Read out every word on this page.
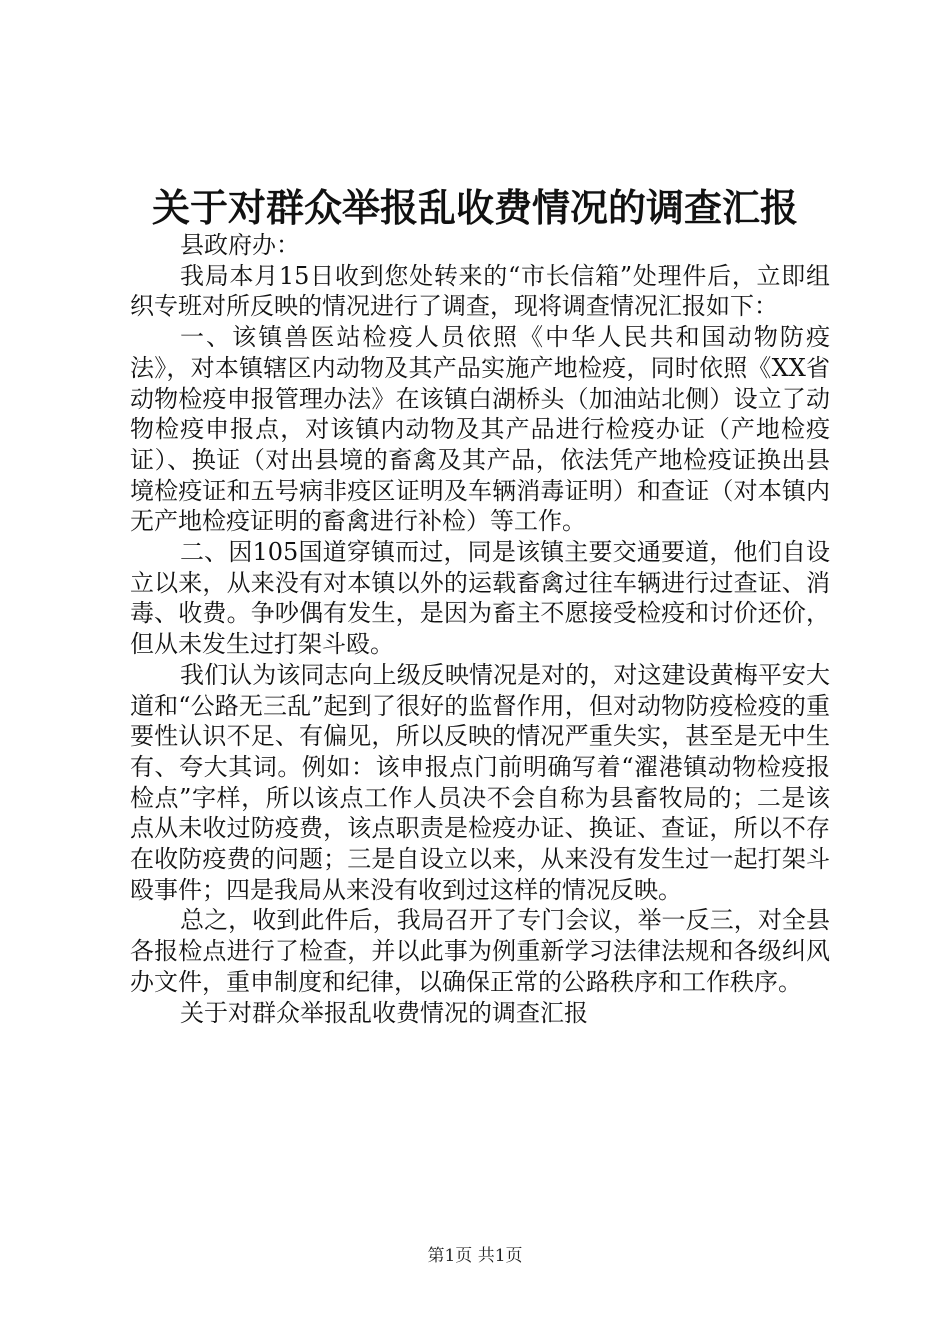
关于对群众举报乱收费情况的调查汇报

县政府办：

我局本月15日收到您处转来的“市长信箱”处理件后，立即组织专班对所反映的情况进行了调查，现将调查情况汇报如下：

一、该镇兽医站检疫人员依照《中华人民共和国动物防疫法》，对本镇辖区内动物及其产品实施产地检疫，同时依照《XX省动物检疫申报管理办法》在该镇白湖桥头（加油站北侧）设立了动物检疫申报点，对该镇内动物及其产品进行检疫办证（产地检疫证）、换证（对出县境的畜禽及其产品，依法凭产地检疫证换出县境检疫证和五号病非疫区证明及车辆消毒证明）和查证（对本镇内无产地检疫证明的畜禽进行补检）等工作。

二、因105国道穿镇而过，同是该镇主要交通要道，他们自设立以来，从来没有对本镇以外的运载畜禽过往车辆进行过查证、消毒、收费。争吵偶有发生，是因为畜主不愿接受检疫和讨价还价，但从未发生过打架斗殴。

我们认为该同志向上级反映情况是对的，对这建设黄梅平安大道和“公路无三乱”起到了很好的监督作用，但对动物防疫检疫的重要性认识不足、有偏见，所以反映的情况严重失实，甚至是无中生有、夸大其词。例如：该申报点门前明确写着“濯港镇动物检疫报检点”字样，所以该点工作人员决不会自称为县畜牧局的；二是该点从未收过防疫费，该点职责是检疫办证、换证、查证，所以不存在收防疫费的问题；三是自设立以来，从来没有发生过一起打架斗殴事件；四是我局从来没有收到过这样的情况反映。

总之，收到此件后，我局召开了专门会议，举一反三，对全县各报检点进行了检查，并以此事为例重新学习法律法规和各级纠风办文件，重申制度和纪律，以确保正常的公路秩序和工作秩序。

关于对群众举报乱收费情况的调查汇报

第1页 共1页
